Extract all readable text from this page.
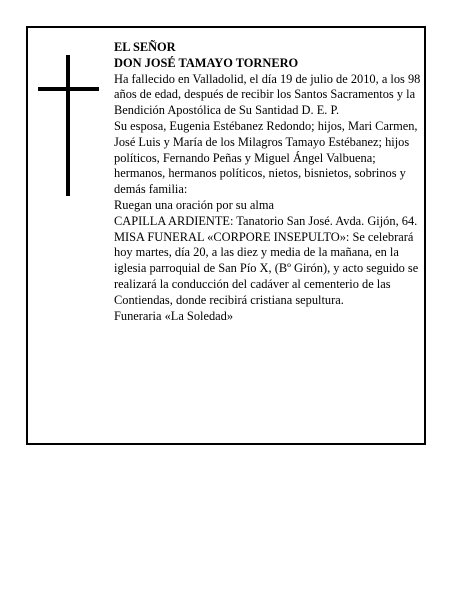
EL SEÑOR

DON JOSÉ TAMAYO TORNERO

Ha fallecido en Valladolid, el día 19 de julio de 2010, a los 98 años de edad, después de recibir los Santos Sacramentos y la Bendición Apostólica de Su Santidad D. E. P.

Su esposa, Eugenia Estébanez Redondo; hijos, Mari Carmen, José Luis y María de los Milagros Tamayo Estébanez; hijos políticos, Fernando Peñas y Miguel Ángel Valbuena; hermanos, hermanos políticos, nietos, bisnietos, sobrinos y demás familia:

Ruegan una oración por su alma

CAPILLA ARDIENTE: Tanatorio San José. Avda. Gijón, 64.

MISA FUNERAL «CORPORE INSEPULTO»: Se celebrará hoy martes, día 20, a las diez y media de la mañana, en la iglesia parroquial de San Pío X, (Bº Girón), y acto seguido se realizará la conducción del cadáver al cementerio de las Contiendas, donde recibirá cristiana sepultura.

Funeraria «La Soledad»
